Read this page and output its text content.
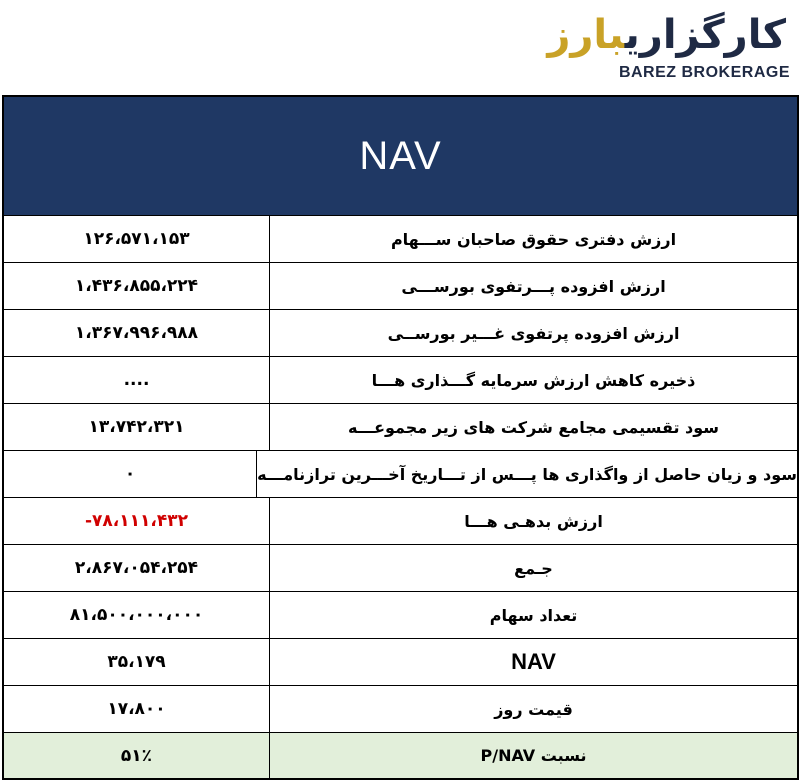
کارگزاریبارز
BAREZ BROKERAGE
NAV
۱۲۶،۵۷۱،۱۵۳	ارزش دفتری حقوق صاحبان ســـهام
۱،۴۳۶،۸۵۵،۲۲۴	ارزش افزوده پـــرتفوی بورســـی
۱،۳۶۷،۹۹۶،۹۸۸	ارزش افزوده پرتفوی غـــیر بورســی
....	ذخیره کاهش ارزش سرمایه گـــذاری هـــا
۱۳،۷۴۲،۳۲۱	سود تقسیمی مجامع شرکت های زیر مجموعـــه
۰	سود و زیان حاصل از واگذاری ها پـــس از تـــاریخ آخـــرین ترازنامـــه
-۷۸،۱۱۱،۴۳۲	ارزش بدهـی هـــا
۲،۸۶۷،۰۵۴،۲۵۴	جـمع
۸۱،۵۰۰،۰۰۰،۰۰۰	تعداد سهام
۳۵،۱۷۹	NAV
۱۷،۸۰۰	قیمت روز
۵۱٪	نسبت P/NAV
